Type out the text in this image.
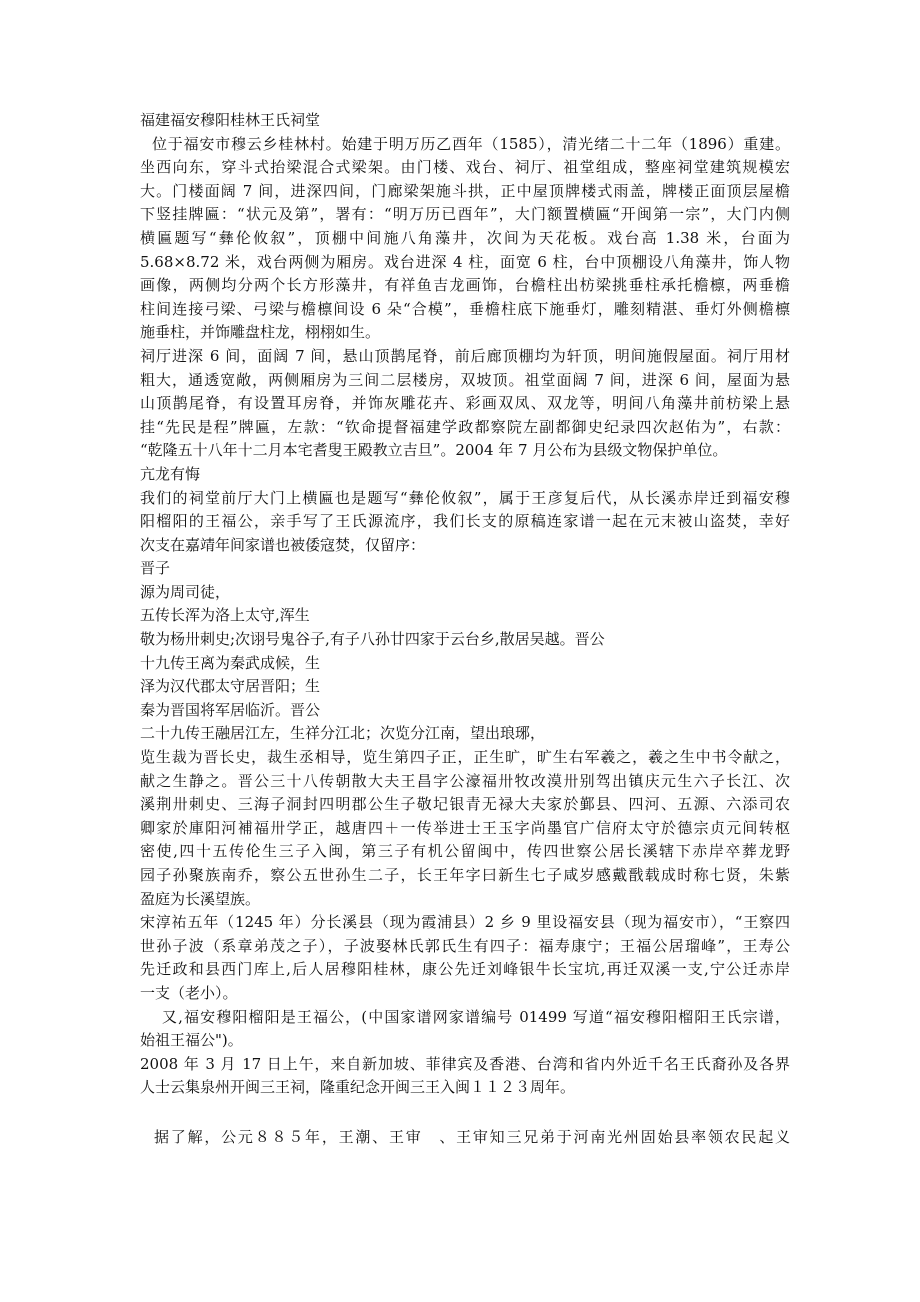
福建福安穆阳桂林王氏祠堂
位于福安市穆云乡桂林村。始建于明万历乙酉年（1585），清光绪二十二年（1896）重建。
坐西向东，穿斗式抬梁混合式梁架。由门楼、戏台、祠厅、祖堂组成，整座祠堂建筑规模宏
大。门楼面阔 7 间，进深四间，门廊梁架施斗拱，正中屋顶牌楼式雨盖，牌楼正面顶层屋檐
下竖挂牌匾：“状元及第”，署有：“明万历已酉年”，大门额置横匾“开闽第一宗”，大门内侧
横匾题写“彝伦攸叙”，顶棚中间施八角藻井，次间为天花板。戏台高 1.38 米，台面为
5.68×8.72 米，戏台两侧为厢房。戏台进深 4 柱，面宽 6 柱，台中顶棚设八角藻井，饰人物
画像，两侧均分两个长方形藻井，有祥鱼吉龙画饰，台檐柱出枋梁挑垂柱承托檐檩，两垂檐
柱间连接弓梁、弓梁与檐檩间设 6 朵“合模”，垂檐柱底下施垂灯，雕刻精湛、垂灯外侧檐檩
施垂柱，并饰雕盘柱龙，栩栩如生。
祠厅进深 6 间，面阔 7 间，悬山顶鹊尾脊，前后廊顶棚均为轩顶，明间施假屋面。祠厅用材
粗大，通透宽敞，两侧厢房为三间二层楼房，双坡顶。祖堂面阔 7 间，进深 6 间，屋面为悬
山顶鹊尾脊，有设置耳房脊，并饰灰雕花卉、彩画双凤、双龙等，明间八角藻井前枋梁上悬
挂“先民是程”牌匾，左款：“钦命提督福建学政都察院左副都御史纪录四次赵佑为”，右款：
“乾隆五十八年十二月本宅耆叟王殿教立吉旦”。2004 年 7 月公布为县级文物保护单位。
亢龙有悔
我们的祠堂前厅大门上横匾也是题写“彝伦攸叙”，属于王彦复后代，从长溪赤岸迁到福安穆
阳榴阳的王福公，亲手写了王氏源流序，我们长支的原稿连家谱一起在元末被山盗焚，幸好
次支在嘉靖年间家谱也被倭寇焚，仅留序：
晋子
源为周司徒，
五传长浑为洛上太守,浑生
敬为杨卅刺史;次诩号鬼谷子,有子八孙廿四家于云台乡,散居吴越。晋公
十九传王离为秦武成候，生
泽为汉代郡太守居晋阳；生
秦为晋国将军居临沂。晋公
二十九传王融居江左，生祥分江北；次览分江南，望出琅琊，
览生裁为晋长史，裁生丞相导，览生第四子正，正生旷，旷生右军羲之，羲之生中书令献之，
献之生静之。晋公三十八传朝散大夫王昌字公濠福卅牧改漠卅别驾出镇庆元生六子长江、次
溪荆卅刺史、三海子洞封四明郡公生子敬圮银青无禄大夫家於鄞县、四河、五源、六添司农
卿家於庫阳河補福卅学正，越唐四＋一传举进士王玉字尚墨官广信府太守於德宗贞元间转枢
密使,四十五传伦生三子入闽，第三子有机公留闽中，传四世察公居长溪辖下赤岸卒葬龙野
园子孙聚族南乔，察公五世孙生二子，长王年字曰新生七子咸岁感戴戬载成时称七贤，朱紫
盈庭为长溪望族。
宋淳祐五年（1245 年）分长溪县（现为霞浦县）2 乡 9 里设福安县（现为福安市），“王察四
世孙子波（系章弟茂之子），子波娶林氏郭氏生有四子：福寿康宁；王福公居瑠峰”，王寿公
先迁政和县西门库上,后人居穆阳桂林，康公先迁刘峰银牛长宝坑,再迁双溪一支,宁公迁赤岸
一支（老小）。
又,福安穆阳榴阳是王福公，(中国家谱网家谱编号 01499 写道“福安穆阳榴阳王氏宗谱，
始祖王福公")。
2008 年 3 月 17 日上午，来自新加坡、菲律宾及香港、台湾和省内外近千名王氏裔孙及各界
人士云集泉州开闽三王祠，隆重纪念开闽三王入闽１１２３周年。
据了解，公元８８５年，王潮、王审　、王审知三兄弟于河南光州固始县率领农民起义
